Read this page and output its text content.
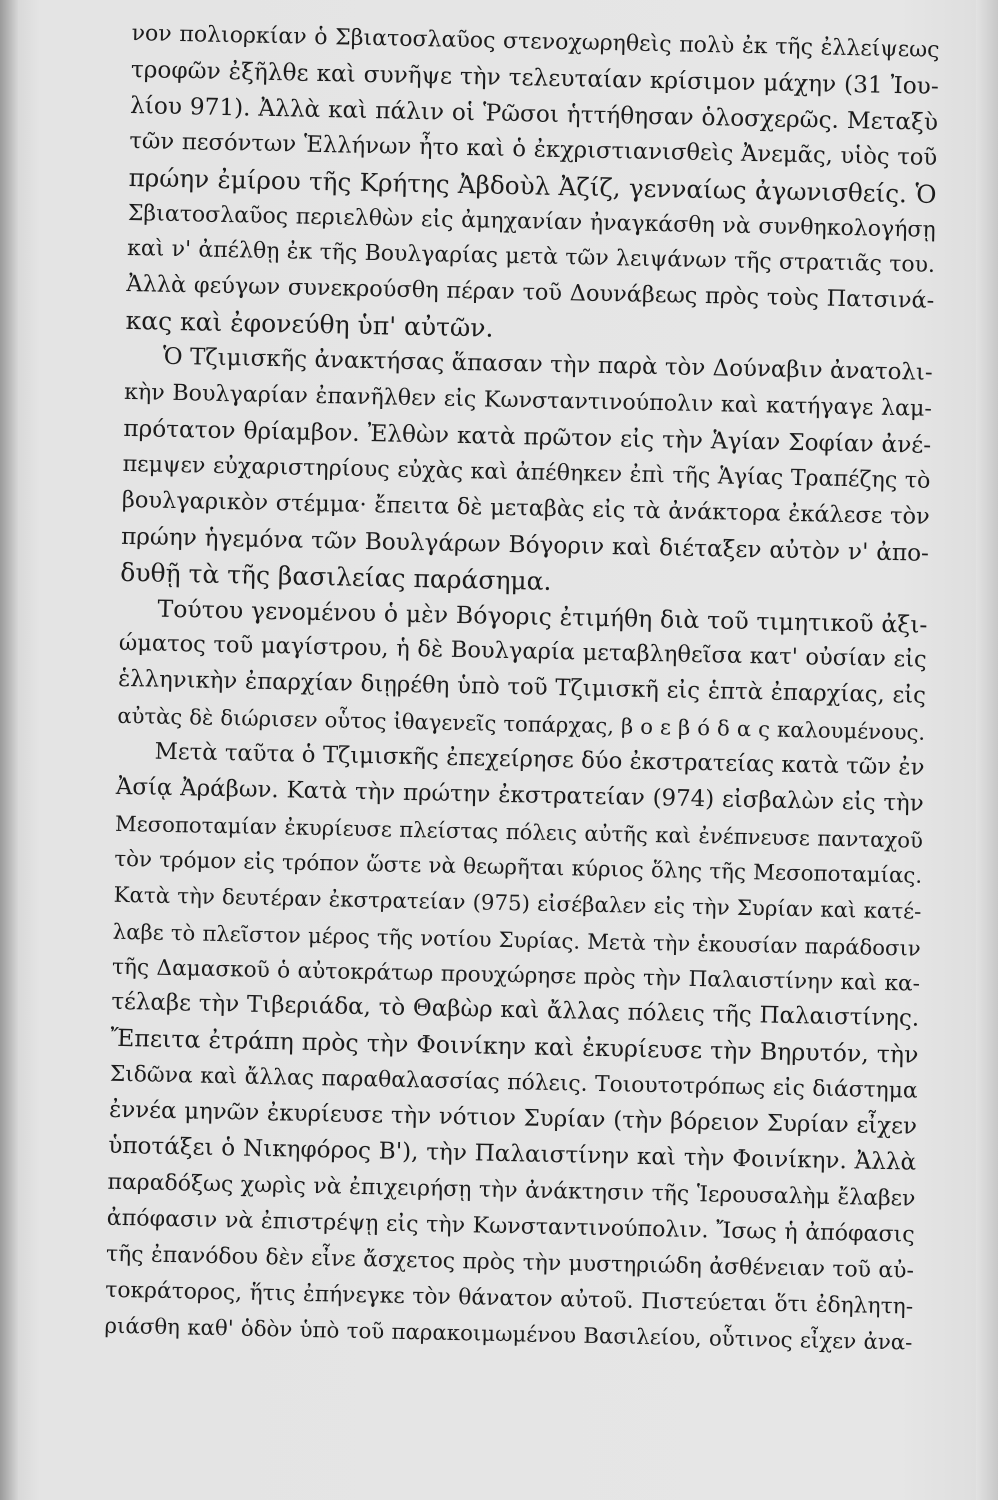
νον πολιορκίαν ὁ Σβιατοσλαῦος στενοχωρηθεὶς πολὺ ἐκ τῆς ἐλλείψεως
τροφῶν ἐξῆλθε καὶ συνῆψε τὴν τελευταίαν κρίσιμον μάχην (31 Ἰου-
λίου 971). Ἀλλὰ καὶ πάλιν οἱ Ῥῶσοι ἡττήθησαν ὁλοσχερῶς. Μεταξὺ
τῶν πεσόντων Ἑλλήνων ἦτο καὶ ὁ ἐκχριστιανισθεὶς Ἀνεμᾶς, υἱὸς τοῦ
πρώην ἐμίρου τῆς Κρήτης Ἀβδοὺλ Ἀζίζ, γενναίως ἀγωνισθείς. Ὁ
Σβιατοσλαῦος περιελθὼν εἰς ἀμηχανίαν ἠναγκάσθη νὰ συνθηκολογήσῃ
καὶ ν' ἀπέλθῃ ἐκ τῆς Βουλγαρίας μετὰ τῶν λειψάνων τῆς στρατιᾶς του.
Ἀλλὰ φεύγων συνεκρούσθη πέραν τοῦ Δουνάβεως πρὸς τοὺς Πατσινά-
κας καὶ ἐφονεύθη ὑπ' αὐτῶν.
Ὁ Τζιμισκῆς ἀνακτήσας ἅπασαν τὴν παρὰ τὸν Δούναβιν ἀνατολι-
κὴν Βουλγαρίαν ἐπανῆλθεν εἰς Κωνσταντινούπολιν καὶ κατήγαγε λαμ-
πρότατον θρίαμβον. Ἐλθὼν κατὰ πρῶτον εἰς τὴν Ἁγίαν Σοφίαν ἀνέ-
πεμψεν εὐχαριστηρίους εὐχὰς καὶ ἀπέθηκεν ἐπὶ τῆς Ἁγίας Τραπέζης τὸ
βουλγαρικὸν στέμμα· ἔπειτα δὲ μεταβὰς εἰς τὰ ἀνάκτορα ἐκάλεσε τὸν
πρώην ἡγεμόνα τῶν Βουλγάρων Βόγοριν καὶ διέταξεν αὐτὸν ν' ἀπο-
δυθῇ τὰ τῆς βασιλείας παράσημα.
Τούτου γενομένου ὁ μὲν Βόγορις ἐτιμήθη διὰ τοῦ τιμητικοῦ ἀξι-
ώματος τοῦ μαγίστρου, ἡ δὲ Βουλγαρία μεταβληθεῖσα κατ' οὐσίαν εἰς
ἑλληνικὴν ἐπαρχίαν διῃρέθη ὑπὸ τοῦ Τζιμισκῆ εἰς ἑπτὰ ἐπαρχίας, εἰς
αὐτὰς δὲ διώρισεν οὗτος ἰθαγενεῖς τοπάρχας, β ο ε β ό δ α ς καλουμένους.
Μετὰ ταῦτα ὁ Τζιμισκῆς ἐπεχείρησε δύο ἐκστρατείας κατὰ τῶν ἐν
Ἀσίᾳ Ἀράβων. Κατὰ τὴν πρώτην ἐκστρατείαν (974) εἰσβαλὼν εἰς τὴν
Μεσοποταμίαν ἐκυρίευσε πλείστας πόλεις αὐτῆς καὶ ἐνέπνευσε πανταχοῦ
τὸν τρόμον εἰς τρόπον ὥστε νὰ θεωρῆται κύριος ὅλης τῆς Μεσοποταμίας.
Κατὰ τὴν δευτέραν ἐκστρατείαν (975) εἰσέβαλεν εἰς τὴν Συρίαν καὶ κατέ-
λαβε τὸ πλεῖστον μέρος τῆς νοτίου Συρίας. Μετὰ τὴν ἑκουσίαν παράδοσιν
τῆς Δαμασκοῦ ὁ αὐτοκράτωρ προυχώρησε πρὸς τὴν Παλαιστίνην καὶ κα-
τέλαβε τὴν Τιβεριάδα, τὸ Θαβὼρ καὶ ἄλλας πόλεις τῆς Παλαιστίνης.
Ἔπειτα ἐτράπη πρὸς τὴν Φοινίκην καὶ ἐκυρίευσε τὴν Βηρυτόν, τὴν
Σιδῶνα καὶ ἄλλας παραθαλασσίας πόλεις. Τοιουτοτρόπως εἰς διάστημα
ἐννέα μηνῶν ἐκυρίευσε τὴν νότιον Συρίαν (τὴν βόρειον Συρίαν εἶχεν
ὑποτάξει ὁ Νικηφόρος Β'), τὴν Παλαιστίνην καὶ τὴν Φοινίκην. Ἀλλὰ
παραδόξως χωρὶς νὰ ἐπιχειρήσῃ τὴν ἀνάκτησιν τῆς Ἱερουσαλὴμ ἔλαβεν
ἀπόφασιν νὰ ἐπιστρέψῃ εἰς τὴν Κωνσταντινούπολιν. Ἴσως ἡ ἀπόφασις
τῆς ἐπανόδου δὲν εἶνε ἄσχετος πρὸς τὴν μυστηριώδη ἀσθένειαν τοῦ αὐ-
τοκράτορος, ἥτις ἐπήνεγκε τὸν θάνατον αὐτοῦ. Πιστεύεται ὅτι ἐδηλητη-
ριάσθη καθ' ὁδὸν ὑπὸ τοῦ παρακοιμωμένου Βασιλείου, οὗτινος εἶχεν ἀνα-
